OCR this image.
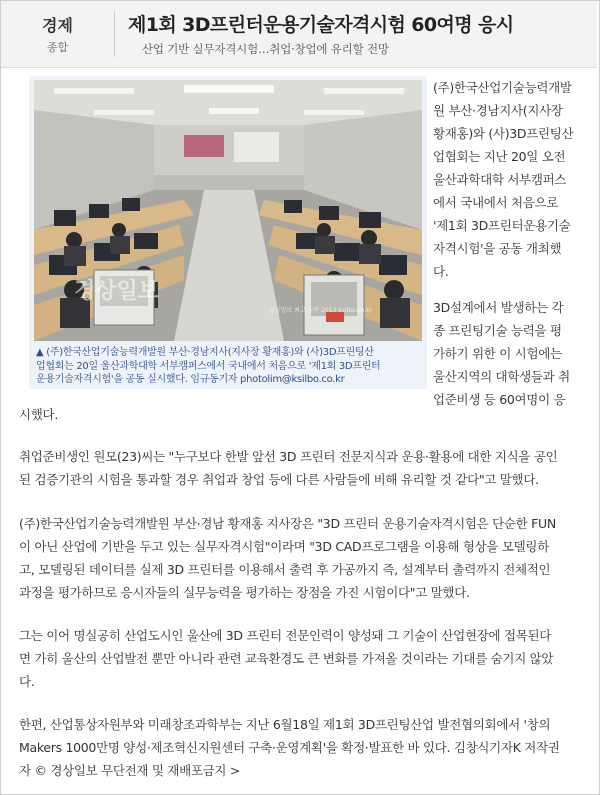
경제
종합
제1회 3D프린터운용기술자격시험 60여명 응시
산업 기반 실무자격시험…취업·창업에 유리할 전망
경상일보
경상일보 최고 사진 2013 ksilbo.co.kr
▲ (주)한국산업기술능력개발원 부산·경남지사(지사장 황재홍)와 (사)3D프린팅산
업협회는 20일 울산과학대학 서부캠퍼스에서 국내에서 처음으로 '제1회 3D프린터
운용기술자격시험'을 공동 실시했다. 임규동기자 photolim@ksilbo.co.kr
(주)한국산업기술능력개발
원 부산·경남지사(지사장
황재홍)와 (사)3D프린팅산
업협회는 지난 20일 오전
울산과학대학 서부캠퍼스
에서 국내에서 처음으로
'제1회 3D프린터운용기술
자격시험'을 공동 개최했
다.
3D설계에서 발생하는 각
종 프린팅기술 능력을 평
가하기 위한 이 시험에는
울산지역의 대학생들과 취
업준비생 등 60여명이 응
시했다.
취업준비생인 원모(23)씨는 "누구보다 한발 앞선 3D 프린터 전문지식과 운용·활용에 대한 지식을 공인
된 검증기관의 시험을 통과할 경우 취업과 창업 등에 다른 사람들에 비해 유리할 것 같다"고 말했다.
(주)한국산업기술능력개발원 부산·경남 황재홍 지사장은 "3D 프린터 운용기술자격시험은 단순한 FUN
이 아닌 산업에 기반을 두고 있는 실무자격시험"이라며 "3D CAD프로그램을 이용해 형상을 모델링하
고, 모델링된 데이터를 실제 3D 프린터를 이용해서 출력 후 가공까지 즉, 설계부터 출력까지 전체적인
과정을 평가하므로 응시자들의 실무능력을 평가하는 장점을 가진 시험이다"고 말했다.
그는 이어 명실공히 산업도시인 울산에 3D 프린터 전문인력이 양성돼 그 기술이 산업현장에 접목된다
면 가히 울산의 산업발전 뿐만 아니라 관련 교육환경도 큰 변화를 가져올 것이라는 기대를 숨기지 않았
다.
한편, 산업통상자원부와 미래창조과학부는 지난 6월18일 제1회 3D프린팅산업 발전협의회에서 '창의
Makers 1000만명 양성·제조혁신지원센터 구축·운영계획'을 확정·발표한 바 있다. 김창식기자K 저작권
자 © 경상일보 무단전재 및 재배포금지 >
